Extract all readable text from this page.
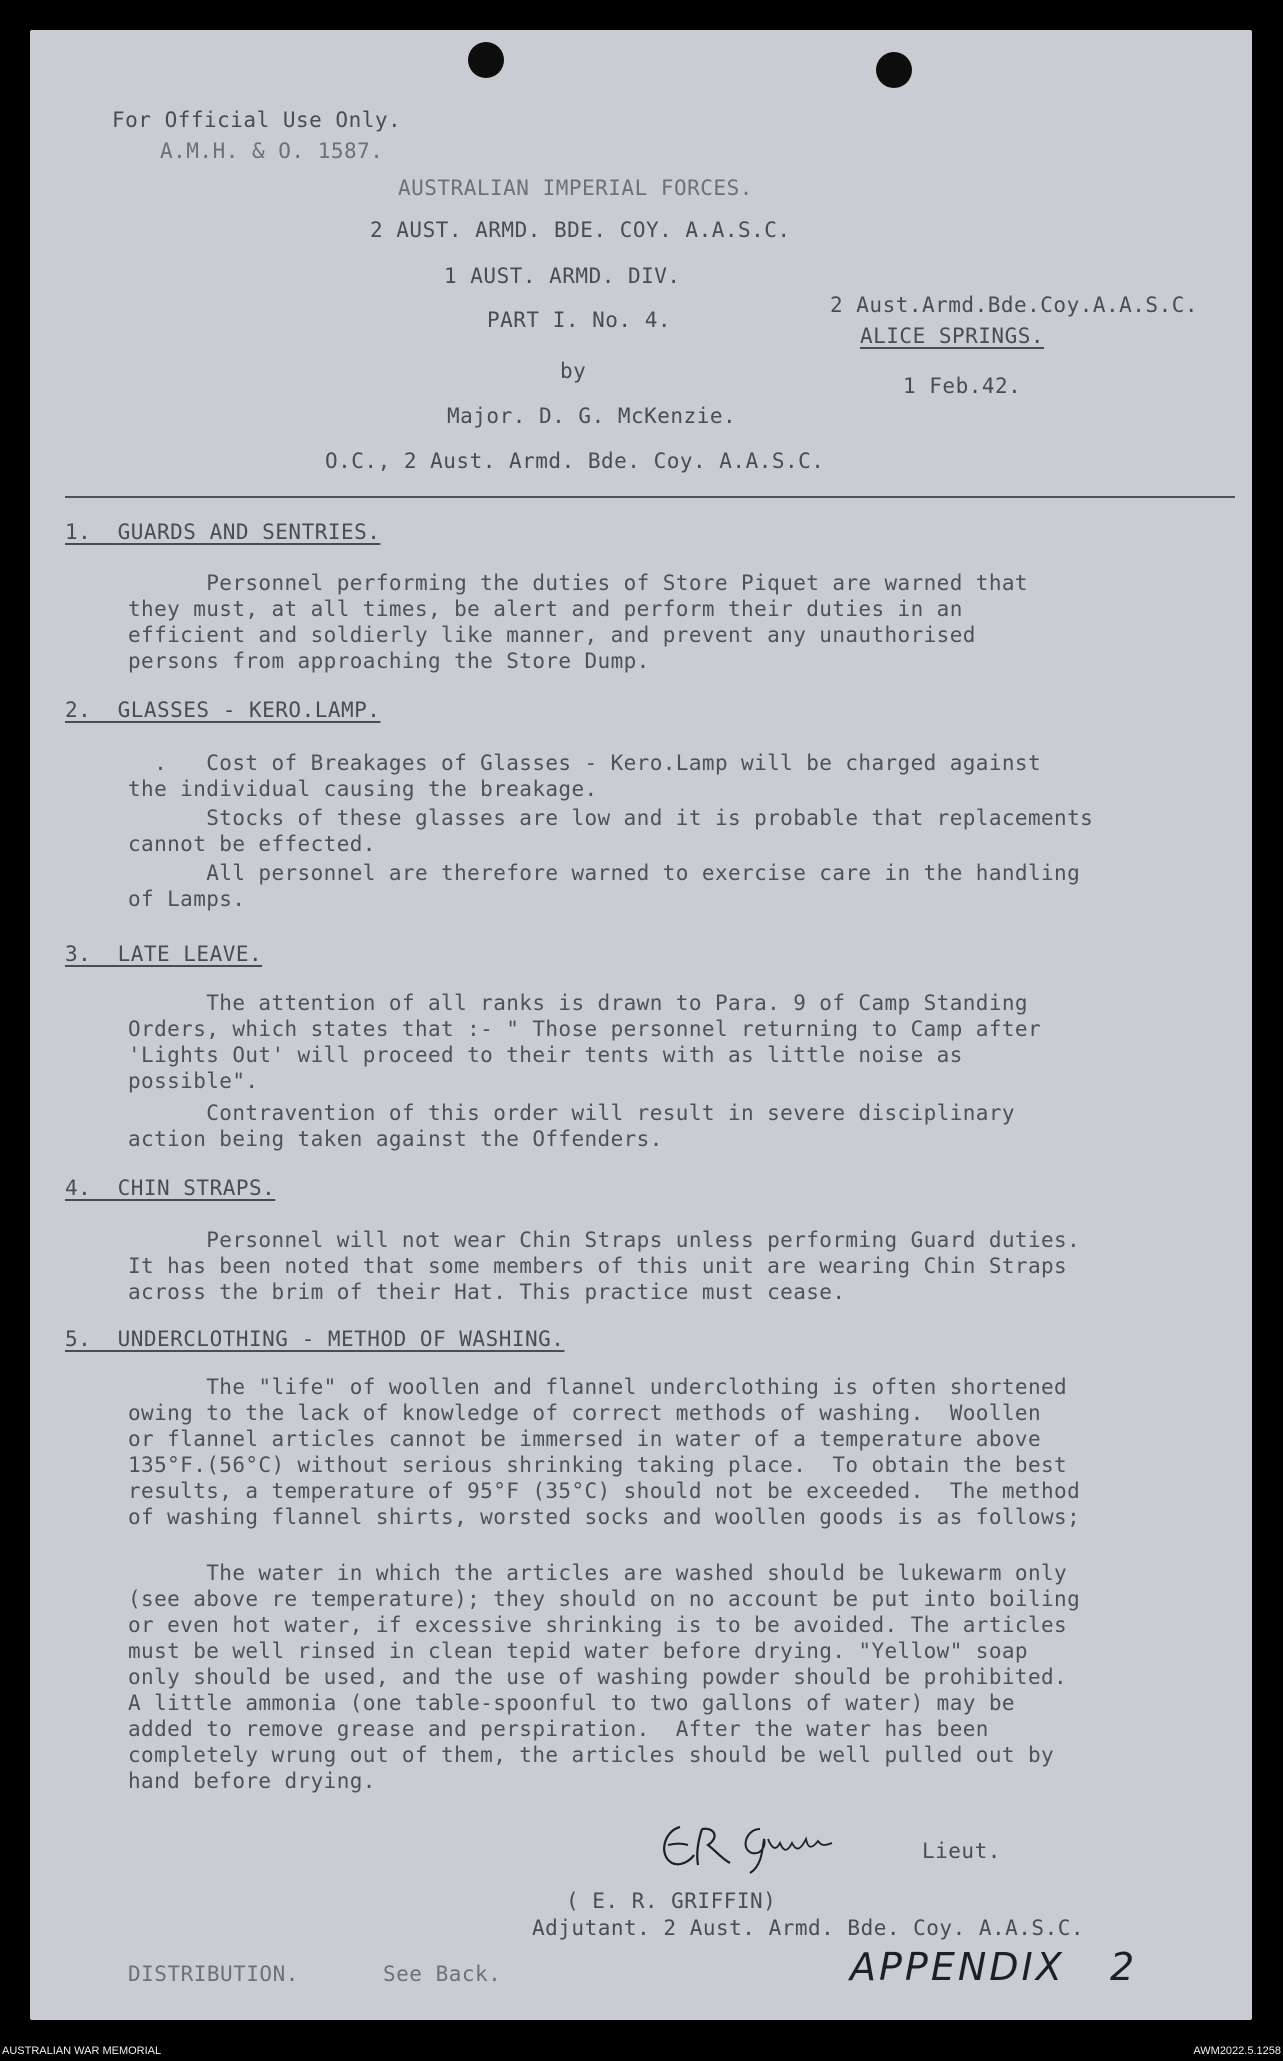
For Official Use Only.
A.M.H. & O. 1587.
AUSTRALIAN IMPERIAL FORCES.
2 AUST. ARMD. BDE. COY. A.A.S.C.
1 AUST. ARMD. DIV.
PART I. No. 4.
by
Major. D. G. McKenzie.
O.C., 2 Aust. Armd. Bde. Coy. A.A.S.C.
2 Aust.Armd.Bde.Coy.A.A.S.C.
ALICE SPRINGS.
1 Feb.42.
1.  GUARDS AND SENTRIES.
Personnel performing the duties of Store Piquet are warned that
they must, at all times, be alert and perform their duties in an
efficient and soldierly like manner, and prevent any unauthorised
persons from approaching the Store Dump.
2.  GLASSES - KERO.LAMP.
.   Cost of Breakages of Glasses - Kero.Lamp will be charged against
the individual causing the breakage.
Stocks of these glasses are low and it is probable that replacements
cannot be effected.
All personnel are therefore warned to exercise care in the handling
of Lamps.
3.  LATE LEAVE.
The attention of all ranks is drawn to Para. 9 of Camp Standing
Orders, which states that :- " Those personnel returning to Camp after
'Lights Out' will proceed to their tents with as little noise as
possible".
Contravention of this order will result in severe disciplinary
action being taken against the Offenders.
4.  CHIN STRAPS.
Personnel will not wear Chin Straps unless performing Guard duties.
It has been noted that some members of this unit are wearing Chin Straps
across the brim of their Hat. This practice must cease.
5.  UNDERCLOTHING - METHOD OF WASHING.
The "life" of woollen and flannel underclothing is often shortened
owing to the lack of knowledge of correct methods of washing.  Woollen
or flannel articles cannot be immersed in water of a temperature above
135°F.(56°C) without serious shrinking taking place.  To obtain the best
results, a temperature of 95°F (35°C) should not be exceeded.  The method
of washing flannel shirts, worsted socks and woollen goods is as follows;
The water in which the articles are washed should be lukewarm only
(see above re temperature); they should on no account be put into boiling
or even hot water, if excessive shrinking is to be avoided. The articles
must be well rinsed in clean tepid water before drying. "Yellow" soap
only should be used, and the use of washing powder should be prohibited.
A little ammonia (one table-spoonful to two gallons of water) may be
added to remove grease and perspiration.  After the water has been
completely wrung out of them, the articles should be well pulled out by
hand before drying.
Lieut.
( E. R. GRIFFIN)
Adjutant. 2 Aust. Armd. Bde. Coy. A.A.S.C.
DISTRIBUTION.	See Back.	APPENDIX   2
AUSTRALIAN WAR MEMORIAL	AWM2022.5.1258
